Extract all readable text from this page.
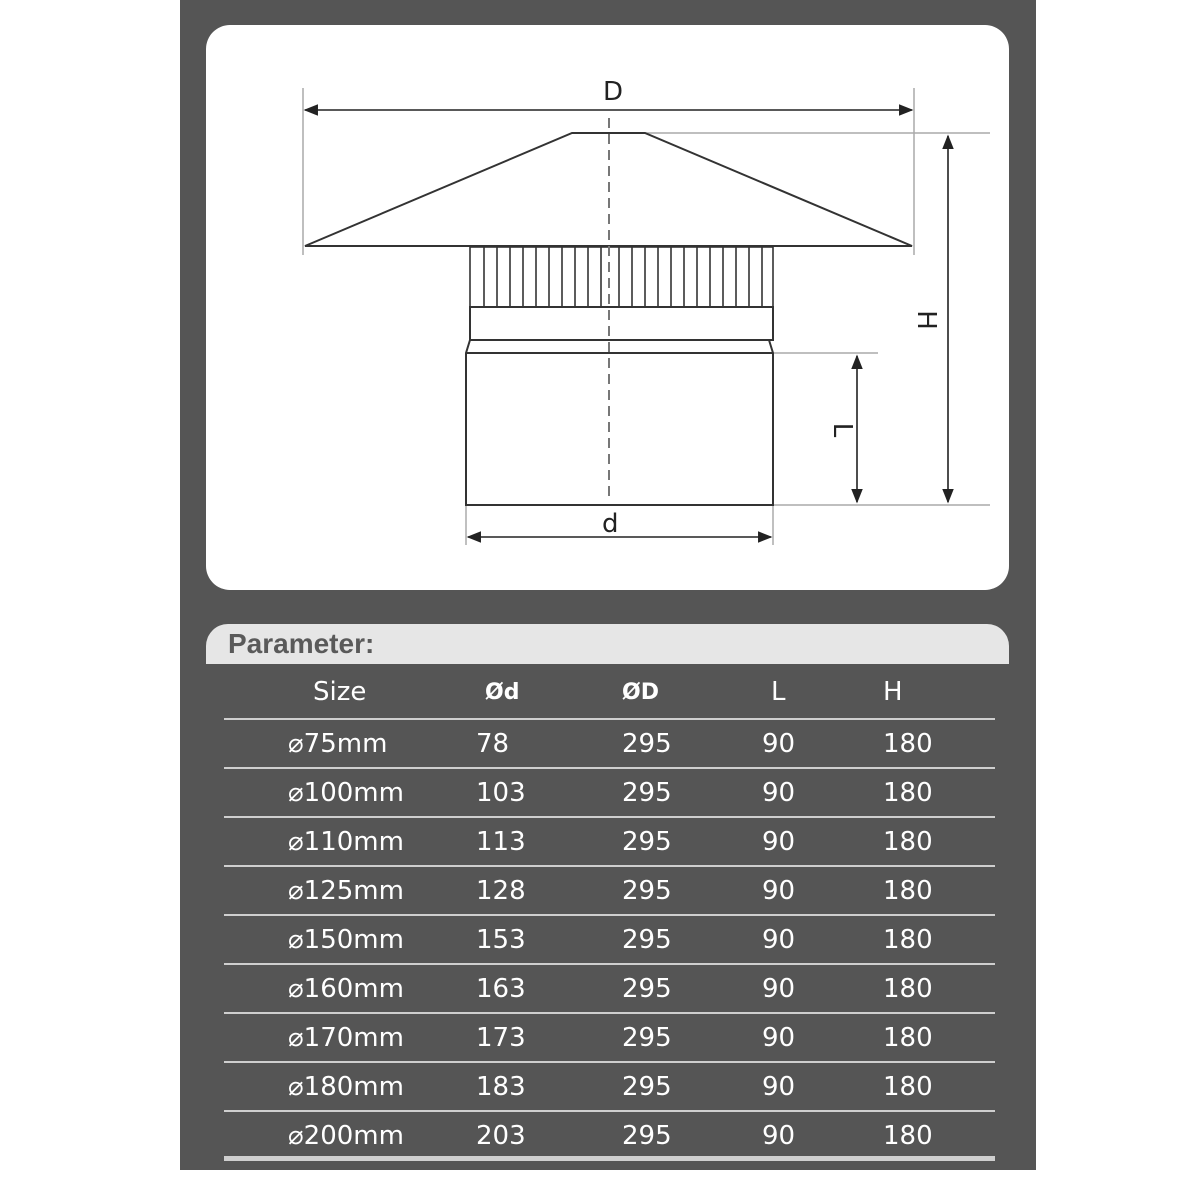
D
d
H
L
Parameter:
Size	Ød	ØD	L	H
⌀75mm	78	295	90	180
⌀100mm	103	295	90	180
⌀110mm	113	295	90	180
⌀125mm	128	295	90	180
⌀150mm	153	295	90	180
⌀160mm	163	295	90	180
⌀170mm	173	295	90	180
⌀180mm	183	295	90	180
⌀200mm	203	295	90	180
